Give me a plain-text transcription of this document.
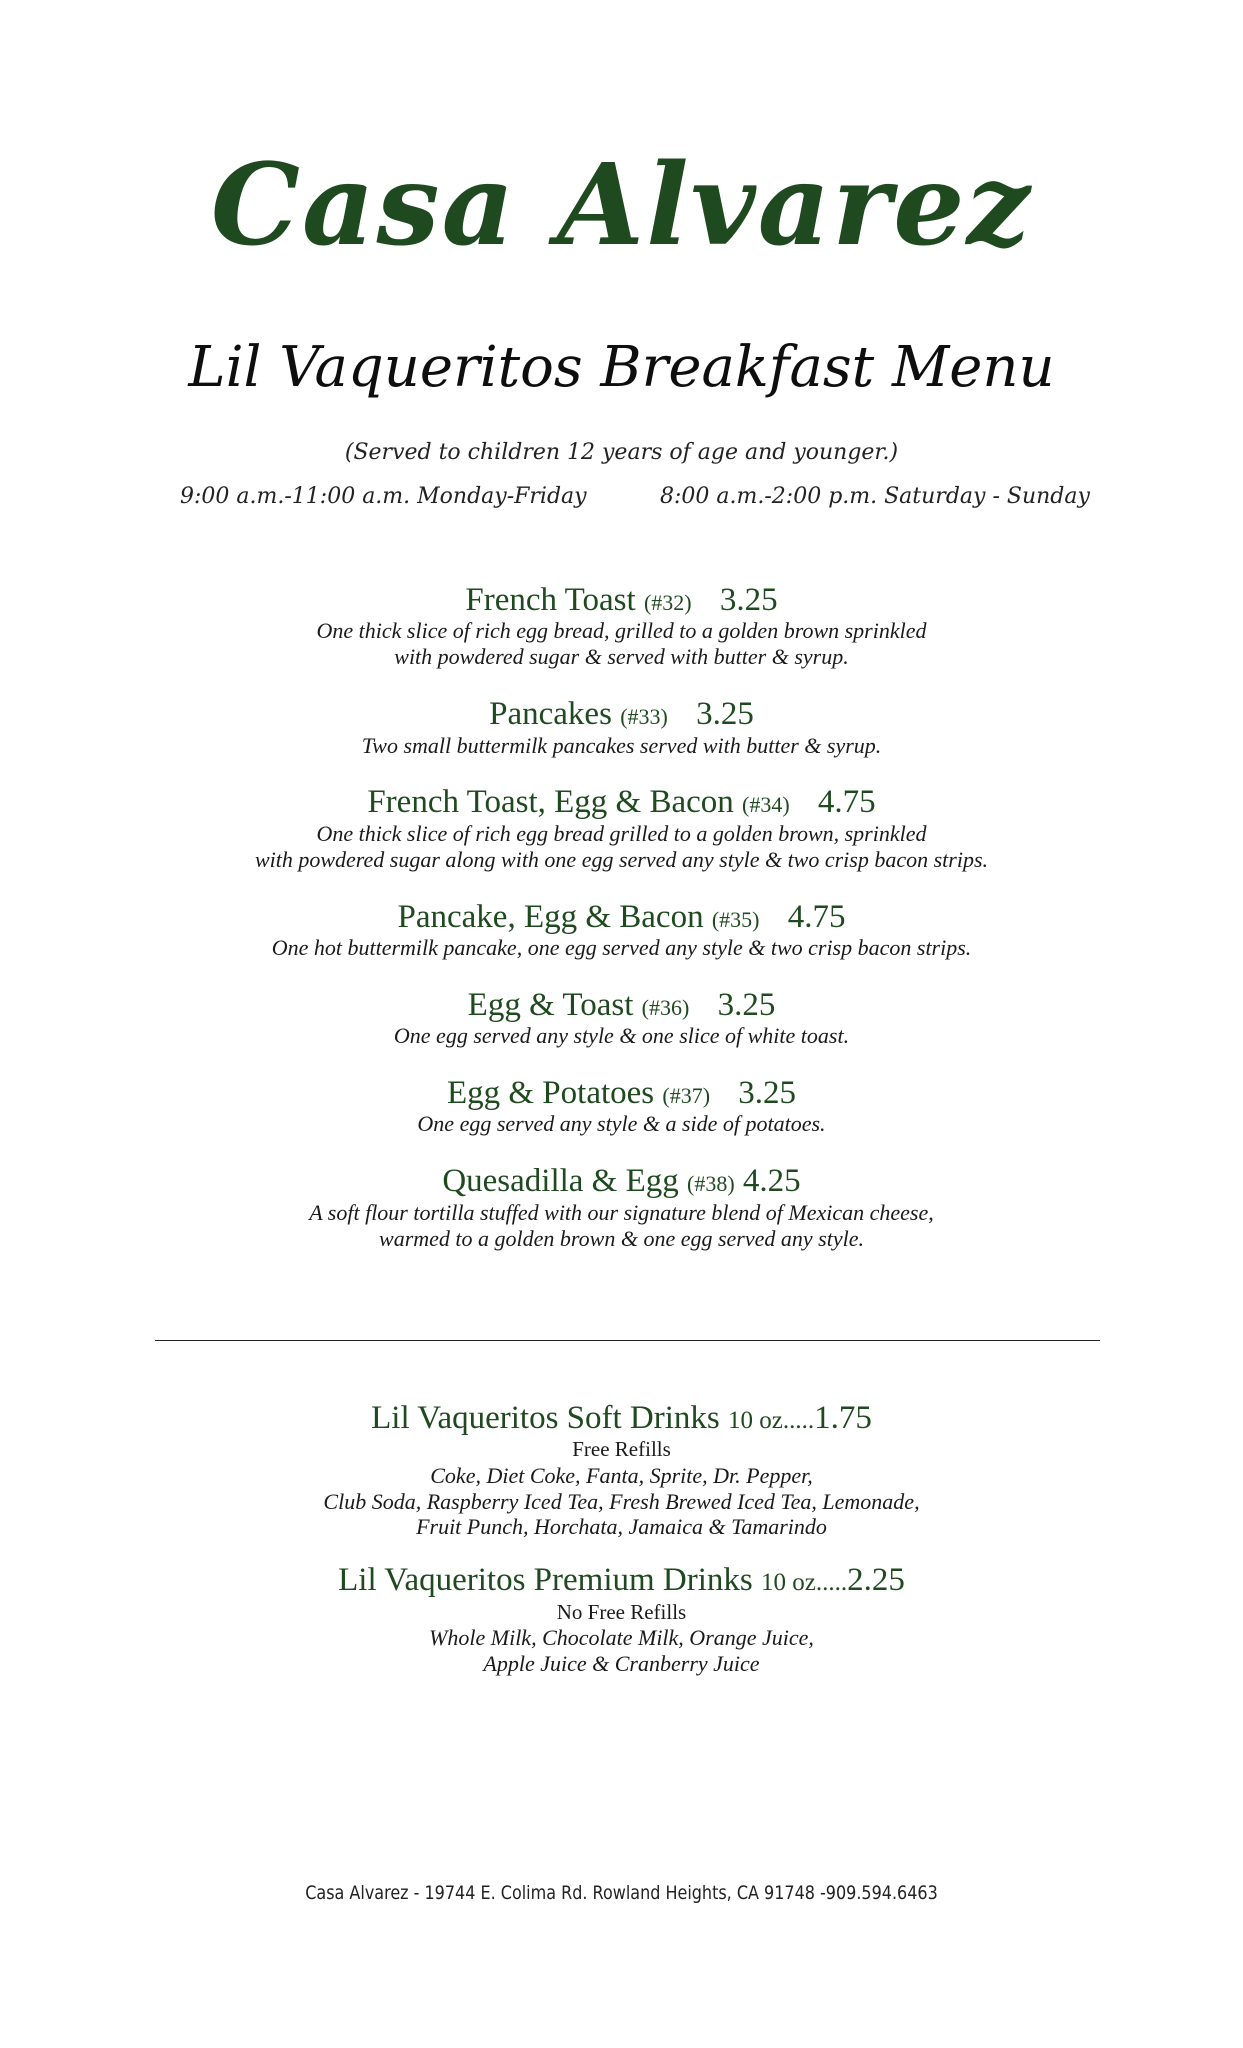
Casa Alvarez
Lil Vaqueritos Breakfast Menu
(Served to children 12 years of age and younger.)
9:00 a.m.-11:00 a.m. Monday-Friday	8:00 a.m.-2:00 p.m. Saturday - Sunday
French Toast (#32) 3.25
One thick slice of rich egg bread, grilled to a golden brown sprinkled
with powdered sugar & served with butter & syrup.
Pancakes (#33) 3.25
Two small buttermilk pancakes served with butter & syrup.
French Toast, Egg & Bacon (#34) 4.75
One thick slice of rich egg bread grilled to a golden brown, sprinkled
with powdered sugar along with one egg served any style & two crisp bacon strips.
Pancake, Egg & Bacon (#35) 4.75
One hot buttermilk pancake, one egg served any style & two crisp bacon strips.
Egg & Toast (#36) 3.25
One egg served any style & one slice of white toast.
Egg & Potatoes (#37) 3.25
One egg served any style & a side of potatoes.
Quesadilla & Egg (#38) 4.25
A soft flour tortilla stuffed with our signature blend of Mexican cheese,
warmed to a golden brown & one egg served any style.
Lil Vaqueritos Soft Drinks 10 oz.....1.75
Free Refills
Coke, Diet Coke, Fanta, Sprite, Dr. Pepper,
Club Soda, Raspberry Iced Tea, Fresh Brewed Iced Tea, Lemonade,
Fruit Punch, Horchata, Jamaica & Tamarindo
Lil Vaqueritos Premium Drinks 10 oz.....2.25
No Free Refills
Whole Milk, Chocolate Milk, Orange Juice,
Apple Juice & Cranberry Juice
Casa Alvarez - 19744 E. Colima Rd. Rowland Heights, CA 91748 -909.594.6463
